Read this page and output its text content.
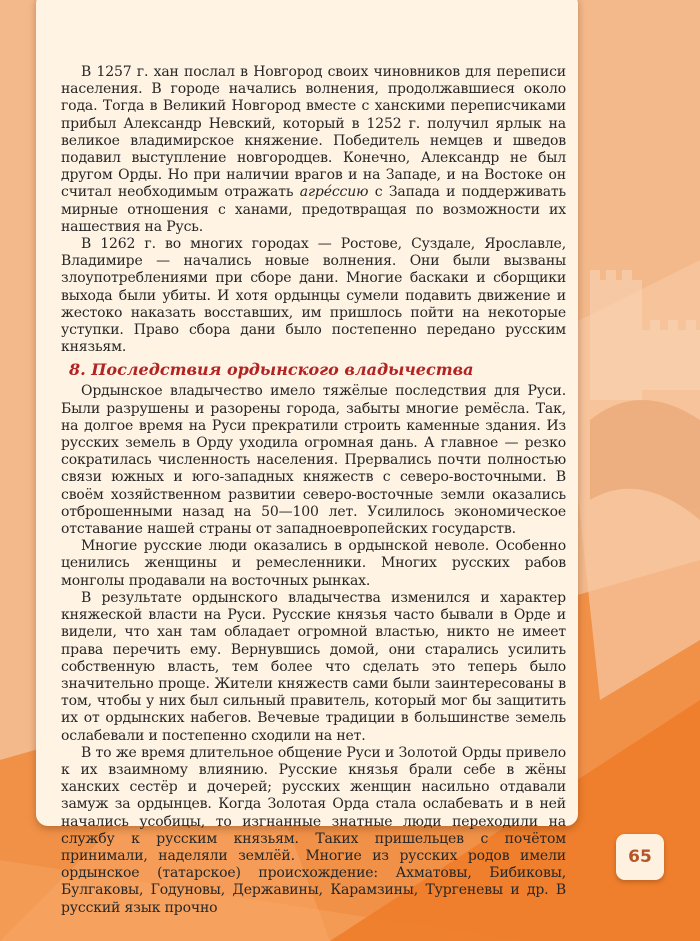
В 1257 г. хан послал в Новгород своих чиновников для переписи населения. В городе начались волнения, продолжавшиеся около года. Тогда в Великий Новгород вместе с ханскими переписчиками прибыл Александр Невский, который в 1252 г. получил ярлык на великое владимирское княжение. Победитель немцев и шведов подавил выступление новгородцев. Конечно, Александр не был другом Орды. Но при наличии врагов и на Западе, и на Востоке он считал необходимым отражать агрéссию с Запада и поддерживать мирные отношения с ханами, предотвращая по возможности их нашествия на Русь.

В 1262 г. во многих городах — Ростове, Суздале, Ярославле, Владимире — начались новые волнения. Они были вызваны злоупотреблениями при сборе дани. Многие баскаки и сборщики выхода были убиты. И хотя ордынцы сумели подавить движение и жестоко наказать восставших, им пришлось пойти на некоторые уступки. Право сбора дани было постепенно передано русским князьям.

8. Последствия ордынского владычества

Ордынское владычество имело тяжёлые последствия для Руси. Были разрушены и разорены города, забыты многие ремёсла. Так, на долгое время на Руси прекратили строить каменные здания. Из русских земель в Орду уходила огромная дань. А главное — резко сократилась численность населения. Прервались почти полностью связи южных и юго-западных княжеств с северо-восточными. В своём хозяйственном развитии северо-восточные земли оказались отброшенными назад на 50—100 лет. Усилилось экономическое отставание нашей страны от западноевропейских государств.

Многие русские люди оказались в ордынской неволе. Особенно ценились женщины и ремесленники. Многих русских рабов монголы продавали на восточных рынках.

В результате ордынского владычества изменился и характер княжеской власти на Руси. Русские князья часто бывали в Орде и видели, что хан там обладает огромной властью, никто не имеет права перечить ему. Вернувшись домой, они старались усилить собственную власть, тем более что сделать это теперь было значительно проще. Жители княжеств сами были заинтересованы в том, чтобы у них был сильный правитель, который мог бы защитить их от ордынских набегов. Вечевые традиции в большинстве земель ослабевали и постепенно сходили на нет.

В то же время длительное общение Руси и Золотой Орды привело к их взаимному влиянию. Русские князья брали себе в жёны ханских сестёр и дочерей; русских женщин насильно отдавали замуж за ордынцев. Когда Золотая Орда стала ослабевать и в ней начались усобицы, то изгнанные знатные люди переходили на службу к русским князьям. Таких пришельцев с почётом принимали, наделяли землёй. Многие из русских родов имели ордынское (татарское) происхождение: Ахматовы, Бибиковы, Булгаковы, Годуновы, Державины, Карамзины, Тургеневы и др. В русский язык прочно

65
